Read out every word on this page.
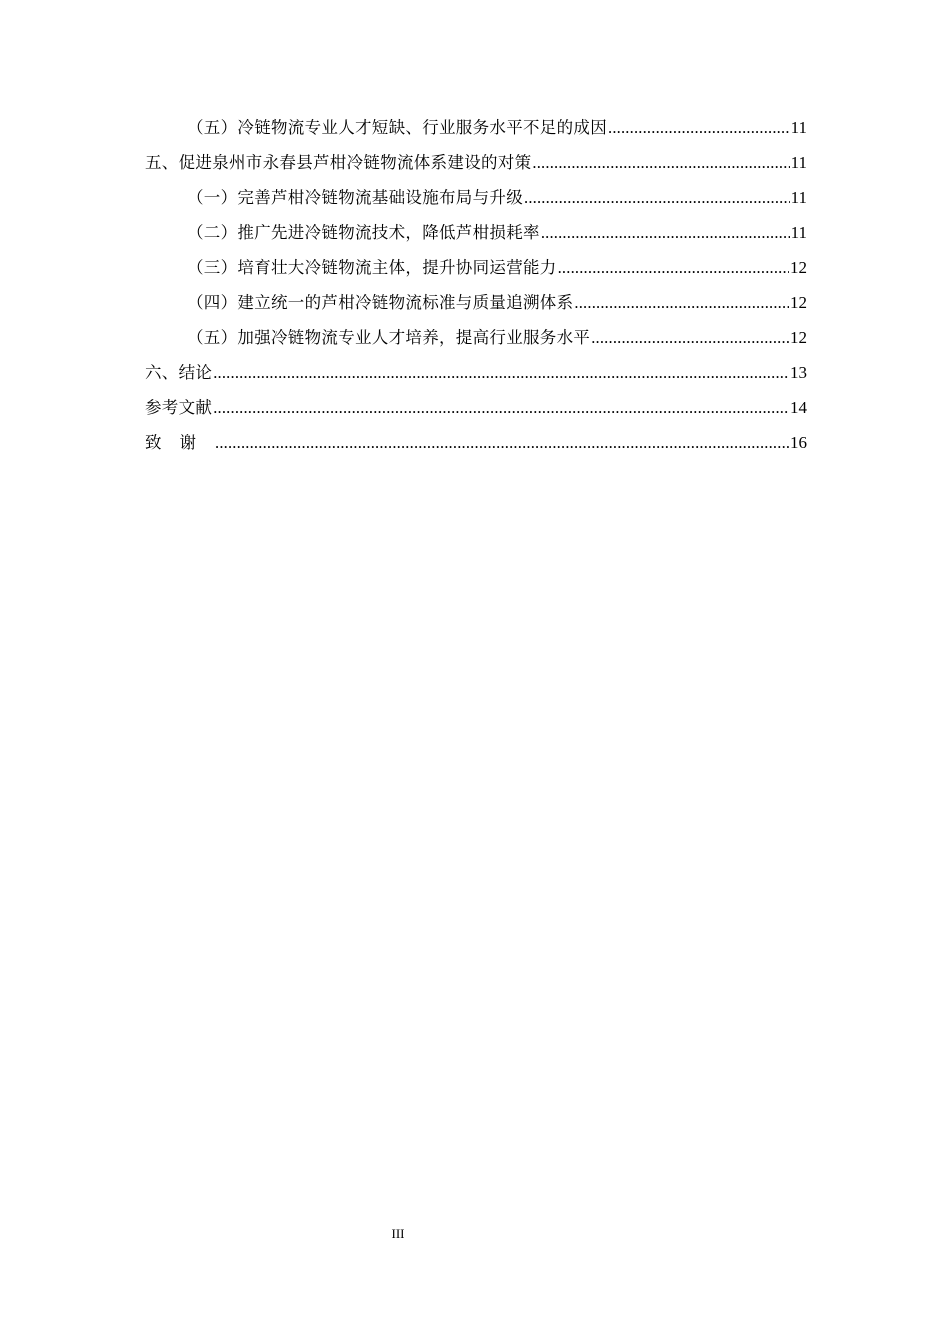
（五）冷链物流专业人才短缺、行业服务水平不足的成因 .....	11
五、促进泉州市永春县芦柑冷链物流体系建设的对策 .....	11
（一）完善芦柑冷链物流基础设施布局与升级 .....	11
（二）推广先进冷链物流技术，降低芦柑损耗率 .....	11
（三）培育壮大冷链物流主体，提升协同运营能力 .....	12
（四）建立统一的芦柑冷链物流标准与质量追溯体系 .....	12
（五）加强冷链物流专业人才培养，提高行业服务水平 .....	12
六、结论 .....	13
参考文献 .....	14
致谢 .....	16
III
